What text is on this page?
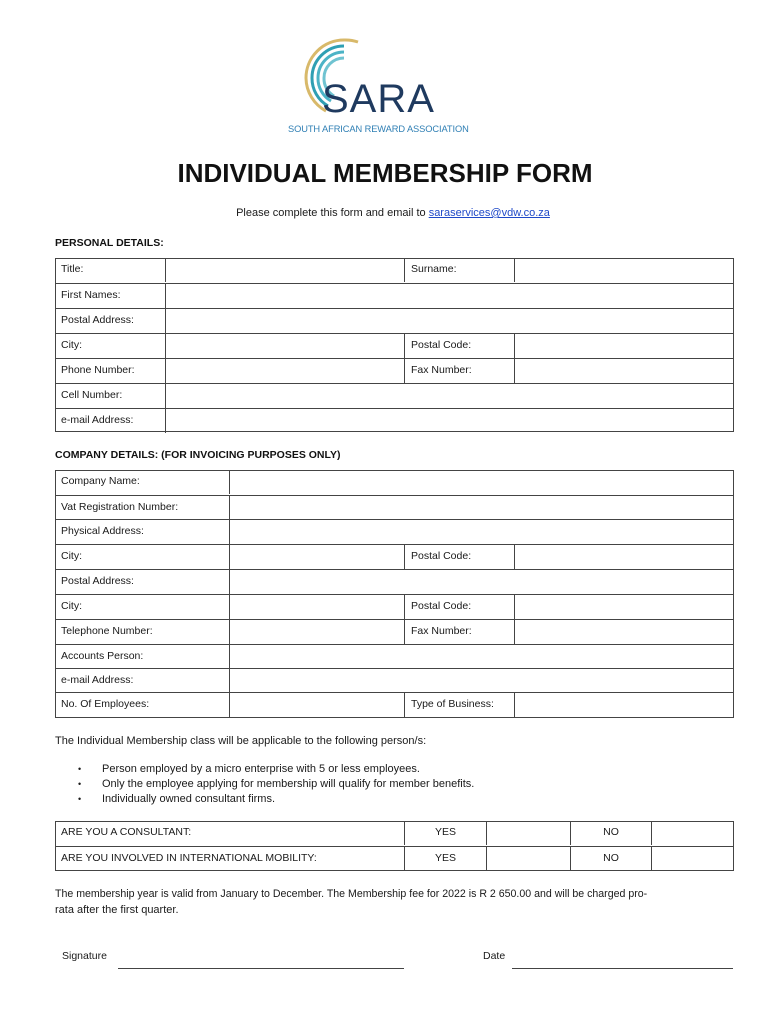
SARA
SOUTH AFRICAN REWARD ASSOCIATION
INDIVIDUAL MEMBERSHIP FORM
Please complete this form and email to saraservices@vdw.co.za
PERSONAL DETAILS:
Title:	Surname:
First Names:
Postal Address:
City:	Postal Code:
Phone Number:	Fax Number:
Cell Number:
e-mail Address:
COMPANY DETAILS: (FOR INVOICING PURPOSES ONLY)
Company Name:
Vat Registration Number:
Physical Address:
City:	Postal Code:
Postal Address:
City:	Postal Code:
Telephone Number:	Fax Number:
Accounts Person:
e-mail Address:
No. Of Employees:	Type of Business:
The Individual Membership class will be applicable to the following person/s:
• Person employed by a micro enterprise with 5 or less employees.
• Only the employee applying for membership will qualify for member benefits.
• Individually owned consultant firms.
ARE YOU A CONSULTANT:	YES	NO
ARE YOU INVOLVED IN INTERNATIONAL MOBILITY:	YES	NO
The membership year is valid from January to December. The Membership fee for 2022 is R 2 650.00 and will be charged pro-
rata after the first quarter.
Signature	Date
